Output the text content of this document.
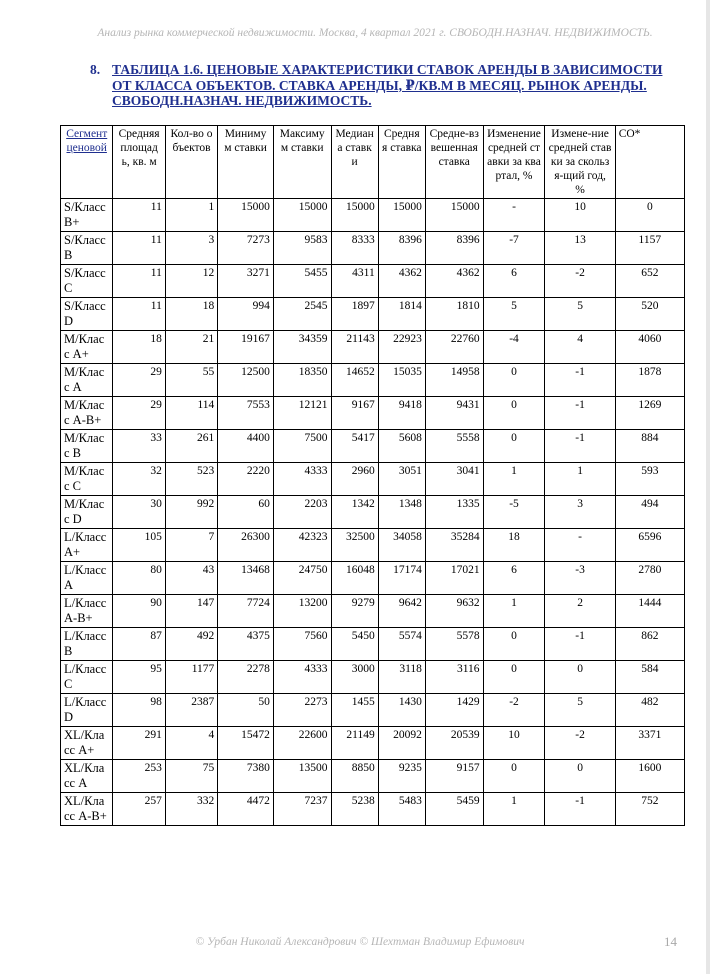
Анализ рынка коммерческой недвижимости. Москва, 4 квартал 2021 г. СВОБОДН.НАЗНАЧ. НЕДВИЖИМОСТЬ.
8. ТАБЛИЦА 1.6. ЦЕНОВЫЕ ХАРАКТЕРИСТИКИ СТАВОК АРЕНДЫ В ЗАВИСИМОСТИ ОТ КЛАССА ОБЪЕКТОВ. СТАВКА АРЕНДЫ, ₽/КВ.М В МЕСЯЦ. РЫНОК АРЕНДЫ. СВОБОДН.НАЗНАЧ. НЕДВИЖИМОСТЬ.
Сегмент ценовой	Средняя площадь, кв. м	Кол-во объектов	Минимум ставки	Максимум ставки	Медиана ставки	Средняя ставка	Средне-взвешенная ставка	Изменение средней ставки за квартал, %	Измене-ние средней ставки за скользя-щий год, %	СО*
S/Класс B+	11	1	15000	15000	15000	15000	15000	-	10	0
S/Класс B	11	3	7273	9583	8333	8396	8396	-7	13	1157
S/Класс C	11	12	3271	5455	4311	4362	4362	6	-2	652
S/Класс D	11	18	994	2545	1897	1814	1810	5	5	520
M/Класс A+	18	21	19167	34359	21143	22923	22760	-4	4	4060
M/Класс A	29	55	12500	18350	14652	15035	14958	0	-1	1878
M/Класс A-B+	29	114	7553	12121	9167	9418	9431	0	-1	1269
M/Класс B	33	261	4400	7500	5417	5608	5558	0	-1	884
M/Класс C	32	523	2220	4333	2960	3051	3041	1	1	593
M/Класс D	30	992	60	2203	1342	1348	1335	-5	3	494
L/Класс A+	105	7	26300	42323	32500	34058	35284	18	-	6596
L/Класс A	80	43	13468	24750	16048	17174	17021	6	-3	2780
L/Класс A-B+	90	147	7724	13200	9279	9642	9632	1	2	1444
L/Класс B	87	492	4375	7560	5450	5574	5578	0	-1	862
L/Класс C	95	1177	2278	4333	3000	3118	3116	0	0	584
L/Класс D	98	2387	50	2273	1455	1430	1429	-2	5	482
XL/Класс A+	291	4	15472	22600	21149	20092	20539	10	-2	3371
XL/Класс A	253	75	7380	13500	8850	9235	9157	0	0	1600
XL/Класс A-B+	257	332	4472	7237	5238	5483	5459	1	-1	752
© Урбан Николай Александрович © Шехтман Владимир Ефимович	14
